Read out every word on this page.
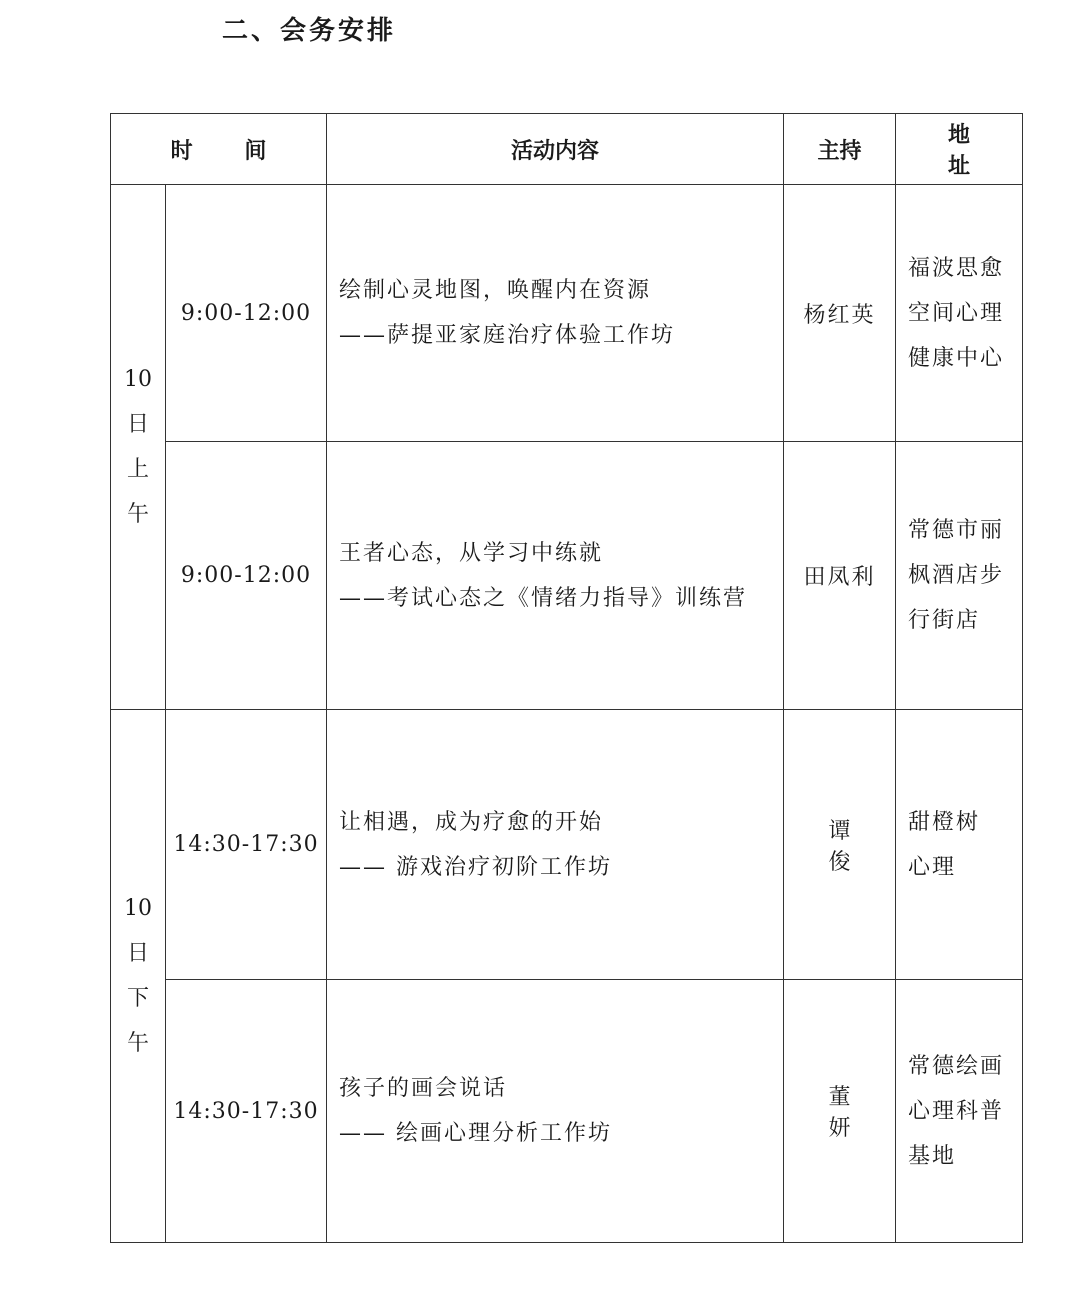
二、会务安排
时 间		活动内容	主持	地 址

10
日
上
午	9:00-12:00	绘制心灵地图，唤醒内在资源
——萨提亚家庭治疗体验工作坊	杨红英	福波思愈
空间心理
健康中心

	9:00-12:00	王者心态，从学习中练就
——考试心态之《情绪力指导》训练营	田凤利	常德市丽
枫酒店步
行街店

10
日
下
午	14:30-17:30	让相遇，成为疗愈的开始
—— 游戏治疗初阶工作坊	谭 俊	甜橙树
心理

	14:30-17:30	孩子的画会说话
—— 绘画心理分析工作坊	董 妍	常德绘画
心理科普
基地
